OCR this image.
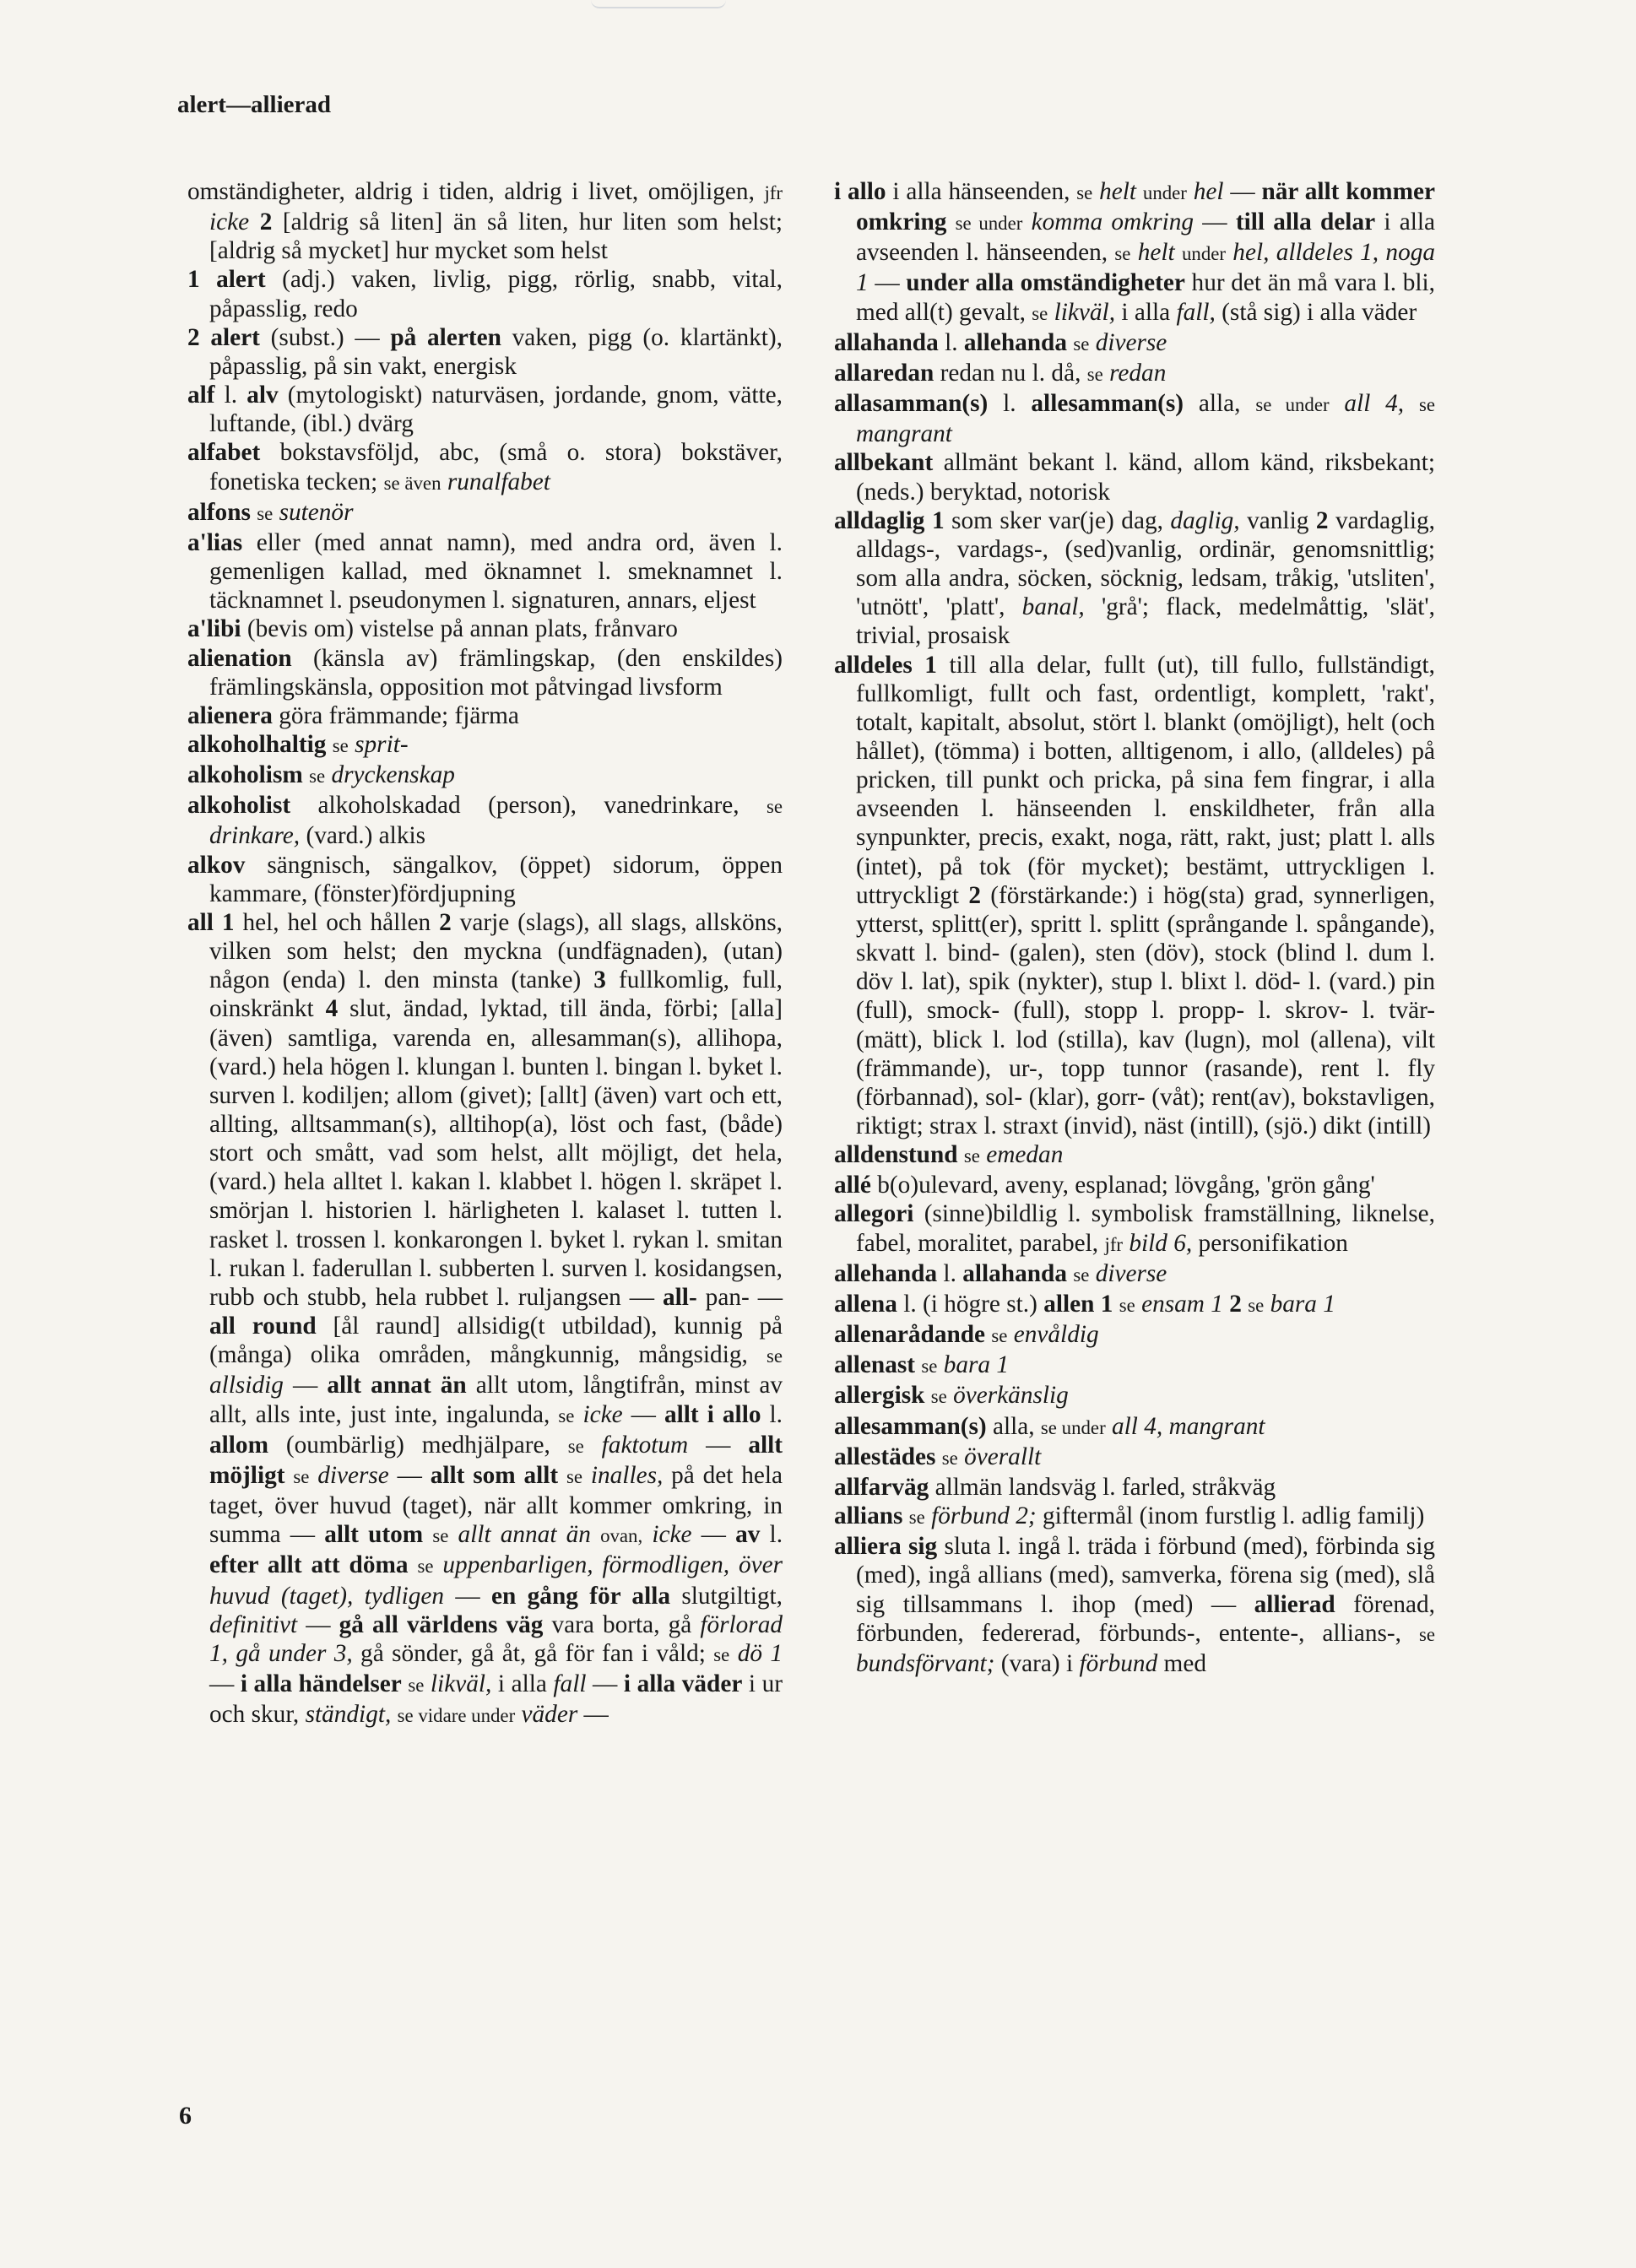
alert—allierad

omständigheter, aldrig i tiden, aldrig i livet, omöjligen, jfr icke 2 [aldrig så liten] än så liten, hur liten som helst; [aldrig så mycket] hur mycket som helst

1 alert (adj.) vaken, livlig, pigg, rörlig, snabb, vital, påpasslig, redo

2 alert (subst.) — på alerten vaken, pigg (o. klartänkt), påpasslig, på sin vakt, energisk

alf l. alv (mytologiskt) naturväsen, jordande, gnom, vätte, luftande, (ibl.) dvärg

alfabet bokstavsföljd, abc, (små o. stora) bokstäver, fonetiska tecken; se även runalfabet

alfons se sutenör

a'lias eller (med annat namn), med andra ord, även l. gemenligen kallad, med öknamnet l. smeknamnet l. täcknamnet l. pseudonymen l. signaturen, annars, eljest

a'libi (bevis om) vistelse på annan plats, frånvaro

alienation (känsla av) främlingskap, (den enskildes) främlingskänsla, opposition mot påtvingad livsform

alienera göra främmande; fjärma

alkoholhaltig se sprit-

alkoholism se dryckenskap

alkoholist alkoholskadad (person), vanedrinkare, se drinkare, (vard.) alkis

alkov sängnisch, sängalkov, (öppet) sidorum, öppen kammare, (fönster)fördjupning

all 1 hel, hel och hållen 2 varje (slags), all slags, allsköns, vilken som helst; den myckna (undfägnaden), (utan) någon (enda) l. den minsta (tanke) 3 fullkomlig, full, oinskränkt 4 slut, ändad, lyktad, till ända, förbi; [alla] (även) samtliga, varenda en, allesamman(s), allihopa, (vard.) hela högen l. klungan l. bunten l. bingan l. byket l. surven l. kodiljen; allom (givet); [allt] (även) vart och ett, allting, alltsamman(s), alltihop(a), löst och fast, (både) stort och smått, vad som helst, allt möjligt, det hela, (vard.) hela alltet l. kakan l. klabbet l. högen l. skräpet l. smörjan l. historien l. härligheten l. kalaset l. tutten l. rasket l. trossen l. konkarongen l. byket l. rykan l. smitan l. rukan l. faderullan l. subberten l. surven l. kosidangsen, rubb och stubb, hela rubbet l. ruljangsen — all- pan- — all round [ål raund] allsidig(t utbildad), kunnig på (många) olika områden, mångkunnig, mångsidig, se allsidig — allt annat än allt utom, långtifrån, minst av allt, alls inte, just inte, ingalunda, se icke — allt i allo l. allom (oumbärlig) medhjälpare, se faktotum — allt möjligt se diverse — allt som allt se inalles, på det hela taget, över huvud (taget), när allt kommer omkring, in summa — allt utom se allt annat än ovan, icke — av l. efter allt att döma se uppenbarligen, förmodligen, över huvud (taget), tydligen — en gång för alla slutgiltigt, definitivt — gå all världens väg vara borta, gå förlorad 1, gå under 3, gå sönder, gå åt, gå för fan i våld; se dö 1 — i alla händelser se likväl, i alla fall — i alla väder i ur och skur, ständigt, se vidare under väder —

i allo i alla hänseenden, se helt under hel — när allt kommer omkring se under komma omkring — till alla delar i alla avseenden l. hänseenden, se helt under hel, alldeles 1, noga 1 — under alla omständigheter hur det än må vara l. bli, med all(t) gevalt, se likväl, i alla fall, (stå sig) i alla väder

allahanda l. allehanda se diverse

allaredan redan nu l. då, se redan

allasamman(s) l. allesamman(s) alla, se under all 4, se mangrant

allbekant allmänt bekant l. känd, allom känd, riksbekant; (neds.) beryktad, notorisk

alldaglig 1 som sker var(je) dag, daglig, vanlig 2 vardaglig, alldags-, vardags-, (sed)vanlig, ordinär, genomsnittlig; som alla andra, söcken, söcknig, ledsam, tråkig, 'utsliten', 'utnött', 'platt', banal, 'grå'; flack, medelmåttig, 'slät', trivial, prosaisk

alldeles 1 till alla delar, fullt (ut), till fullo, fullständigt, fullkomligt, fullt och fast, ordentligt, komplett, 'rakt', totalt, kapitalt, absolut, stört l. blankt (omöjligt), helt (och hållet), (tömma) i botten, alltigenom, i allo, (alldeles) på pricken, till punkt och pricka, på sina fem fingrar, i alla avseenden l. hänseenden l. enskildheter, från alla synpunkter, precis, exakt, noga, rätt, rakt, just; platt l. alls (intet), på tok (för mycket); bestämt, uttryckligen l. uttryckligt 2 (förstärkande:) i hög(sta) grad, synnerligen, ytterst, splitt(er), spritt l. splitt (språngande l. spångande), skvatt l. bind- (galen), sten (döv), stock (blind l. dum l. döv l. lat), spik (nykter), stup l. blixt l. död- l. (vard.) pin (full), smock- (full), stopp l. propp- l. skrov- l. tvär- (mätt), blick l. lod (stilla), kav (lugn), mol (allena), vilt (främmande), ur-, topp tunnor (rasande), rent l. fly (förbannad), sol- (klar), gorr- (våt); rent(av), bokstavligen, riktigt; strax l. straxt (invid), näst (intill), (sjö.) dikt (intill)

alldenstund se emedan

allé b(o)ulevard, aveny, esplanad; lövgång, 'grön gång'

allegori (sinne)bildlig l. symbolisk framställning, liknelse, fabel, moralitet, parabel, jfr bild 6, personifikation

allehanda l. allahanda se diverse

allena l. (i högre st.) allen 1 se ensam 1 2 se bara 1

allenarådande se envåldig

allenast se bara 1

allergisk se överkänslig

allesamman(s) alla, se under all 4, mangrant

allestädes se överallt

allfarväg allmän landsväg l. farled, stråkväg

allians se förbund 2; giftermål (inom furstlig l. adlig familj)

alliera sig sluta l. ingå l. träda i förbund (med), förbinda sig (med), ingå allians (med), samverka, förena sig (med), slå sig tillsammans l. ihop (med) — allierad förenad, förbunden, federerad, förbunds-, entente-, allians-, se bundsförvant; (vara) i förbund med

6
